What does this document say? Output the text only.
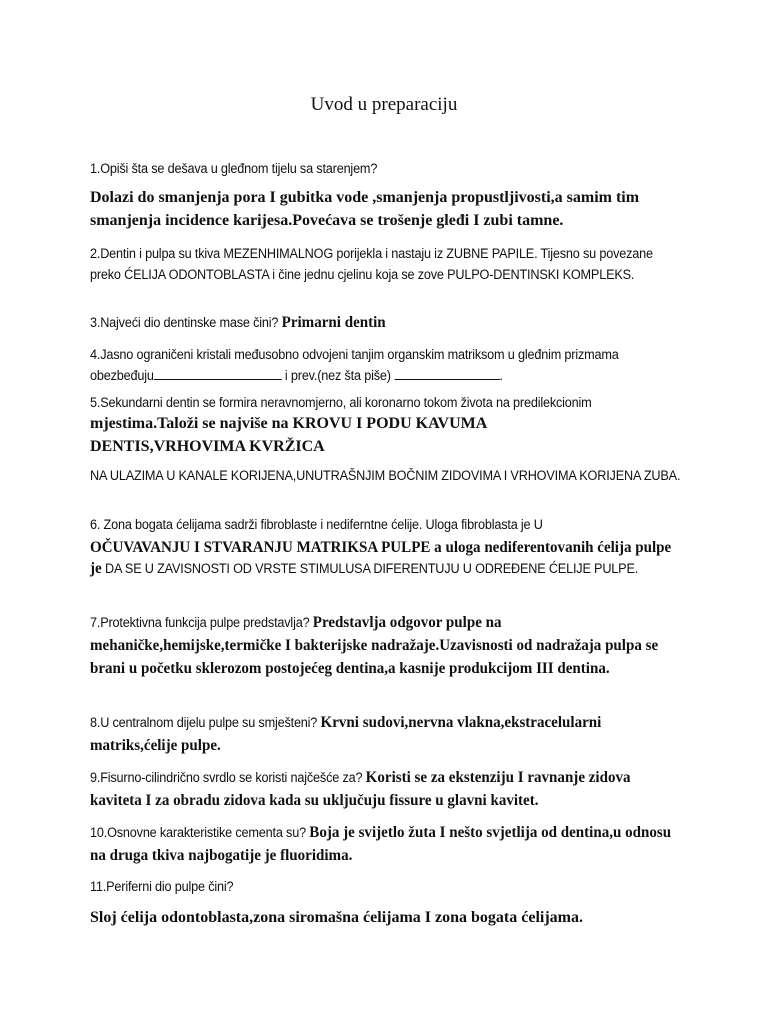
Uvod u preparaciju
1.Opiši šta se dešava u gleđnom tijelu sa starenjem?
Dolazi do smanjenja pora I gubitka vode ,smanjenja propustljivosti,a samim tim smanjenja incidence karijesa.Povećava se trošenje gleđi I zubi tamne.
2.Dentin i pulpa su tkiva MEZENHIMALNOG porijekla i nastaju iz ZUBNE PAPILE. Tijesno su povezane preko ĆELIJA ODONTOBLASTA i čine jednu cjelinu koja se zove PULPO-DENTINSKI KOMPLEKS.
3.Najveći dio dentinske mase čini? Primarni dentin
4.Jasno ograničeni kristali međusobno odvojeni tanjim organskim matriksom u gleđnim prizmama obezbeđuju	i prev.(nez šta piše)	.
5.Sekundarni dentin se formira neravnomjerno, ali koronarno tokom života na predilekcionim
mjestima.Taloži se najviše na KROVU I PODU KAVUMA DENTIS,VRHOVIMA KVRŽICA
NA ULAZIMA U KANALE KORIJENA,UNUTRAŠNJIM BOČNIM ZIDOVIMA I VRHOVIMA KORIJENA ZUBA.
6. Zona bogata ćelijama sadrži fibroblaste i nediferntne ćelije. Uloga fibroblasta je U
OČUVAVANJU I STVARANJU MATRIKSA PULPE a uloga nediferentovanih ćelija pulpe je DA SE U ZAVISNOSTI OD VRSTE STIMULUSA DIFERENTUJU U ODREĐENE ĆELIJE PULPE.
7.Protektivna funkcija pulpe predstavlja? Predstavlja odgovor pulpe na mehaničke,hemijske,termičke I bakterijske nadražaje.Uzavisnosti od nadražaja pulpa se brani u početku sklerozom postojećeg dentina,a kasnije produkcijom III dentina.
8.U centralnom dijelu pulpe su smješteni? Krvni sudovi,nervna vlakna,ekstracelularni matriks,ćelije pulpe.
9.Fisurno-cilindrično svrdlo se koristi najčešće za? Koristi se za ekstenziju I ravnanje zidova kaviteta I za obradu zidova kada su uključuju fissure u glavni kavitet.
10.Osnovne karakteristike cementa su? Boja je svijetlo žuta I nešto svjetlija od dentina,u odnosu na druga tkiva najbogatije je fluoridima.
11.Periferni dio pulpe čini?
Sloj ćelija odontoblasta,zona siromašna ćelijama I zona bogata ćelijama.
